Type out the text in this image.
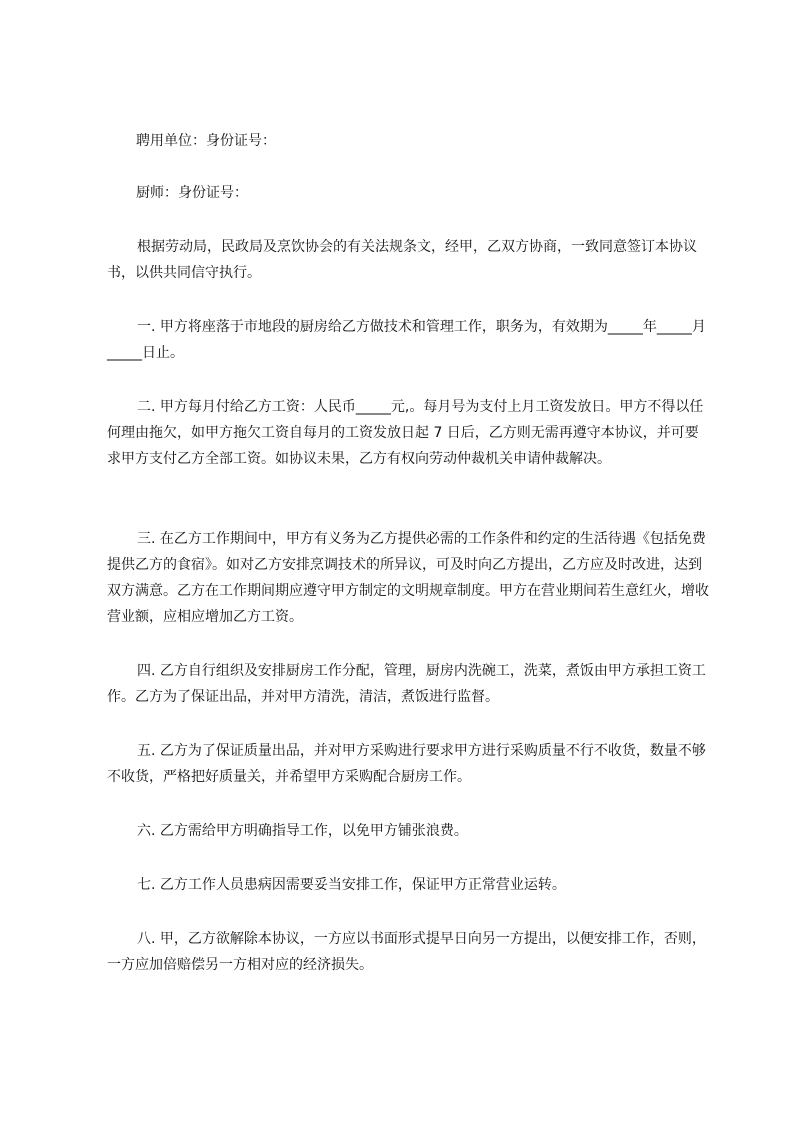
聘用单位：身份证号：

厨师：身份证号：

根据劳动局，民政局及烹饮协会的有关法规条文，经甲，乙双方协商，一致同意签订本协议书，以供共同信守执行。

一. 甲方将座落于市地段的厨房给乙方做技术和管理工作，职务为，有效期为_____年_____月_____日止。

二. 甲方每月付给乙方工资：人民币_____元,。每月号为支付上月工资发放日。甲方不得以任何理由拖欠，如甲方拖欠工资自每月的工资发放日起 7 日后，乙方则无需再遵守本协议，并可要求甲方支付乙方全部工资。如协议未果，乙方有权向劳动仲裁机关申请仲裁解决。

三. 在乙方工作期间中，甲方有义务为乙方提供必需的工作条件和约定的生活待遇《包括免费提供乙方的食宿》。如对乙方安排烹调技术的所异议，可及时向乙方提出，乙方应及时改进，达到双方满意。乙方在工作期间期应遵守甲方制定的文明规章制度。甲方在营业期间若生意红火，增收营业额，应相应增加乙方工资。

四. 乙方自行组织及安排厨房工作分配，管理，厨房内洗碗工，洗菜，煮饭由甲方承担工资工作。乙方为了保证出品，并对甲方清洗，清洁，煮饭进行监督。

五. 乙方为了保证质量出品，并对甲方采购进行要求甲方进行采购质量不行不收货，数量不够不收货，严格把好质量关，并希望甲方采购配合厨房工作。

六. 乙方需给甲方明确指导工作，以免甲方铺张浪费。

七. 乙方工作人员患病因需要妥当安排工作，保证甲方正常营业运转。

八. 甲，乙方欲解除本协议，一方应以书面形式提早日向另一方提出，以便安排工作，否则，一方应加倍赔偿另一方相对应的经济损失。
